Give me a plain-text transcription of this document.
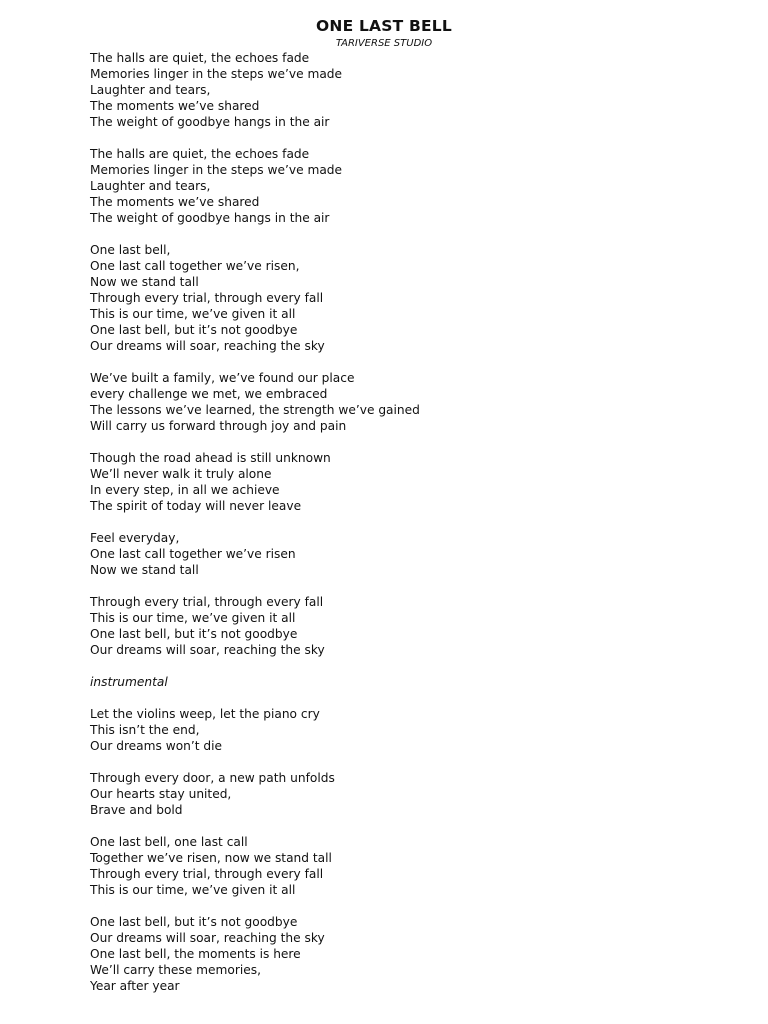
ONE LAST BELL
TARIVERSE STUDIO
The halls are quiet, the echoes fade
Memories linger in the steps we’ve made
Laughter and tears,
The moments we’ve shared
The weight of goodbye hangs in the air
The halls are quiet, the echoes fade
Memories linger in the steps we’ve made
Laughter and tears,
The moments we’ve shared
The weight of goodbye hangs in the air
One last bell,
One last call together we’ve risen,
Now we stand tall
Through every trial, through every fall
This is our time, we’ve given it all
One last bell, but it’s not goodbye
Our dreams will soar, reaching the sky
We’ve built a family, we’ve found our place
every challenge we met, we embraced
The lessons we’ve learned, the strength we’ve gained
Will carry us forward through joy and pain
Though the road ahead is still unknown
We’ll never walk it truly alone
In every step, in all we achieve
The spirit of today will never leave
Feel everyday,
One last call together we’ve risen
Now we stand tall
Through every trial, through every fall
This is our time, we’ve given it all
One last bell, but it’s not goodbye
Our dreams will soar, reaching the sky
instrumental
Let the violins weep, let the piano cry
This isn’t the end,
Our dreams won’t die
Through every door, a new path unfolds
Our hearts stay united,
Brave and bold
One last bell, one last call
Together we’ve risen, now we stand tall
Through every trial, through every fall
This is our time, we’ve given it all
One last bell, but it’s not goodbye
Our dreams will soar, reaching the sky
One last bell, the moments is here
We’ll carry these memories,
Year after year
